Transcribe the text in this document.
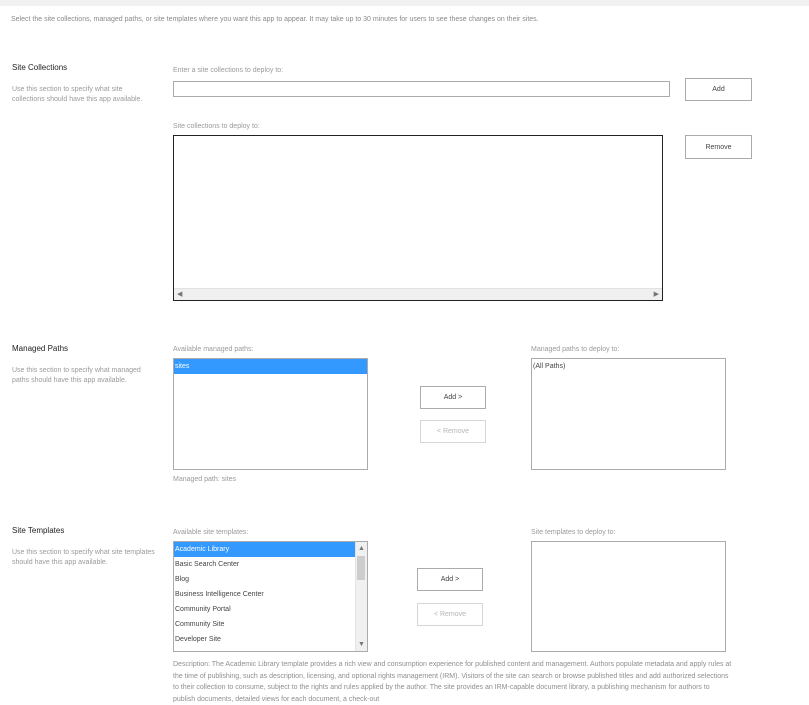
Select the site collections, managed paths, or site templates where you want this app to appear. It may take up to 30 minutes for users to see these changes on their sites.
Site Collections
Use this section to specify what site collections should have this app available.
Enter a site collections to deploy to:
Add
Site collections to deploy to:
◀	▶
Remove
Managed Paths
Use this section to specify what managed paths should have this app available.
Available managed paths:
sites
Add >
< Remove
Managed paths to deploy to:
(All Paths)
Managed path: sites
Site Templates
Use this section to specify what site templates should have this app available.
Available site templates:
Academic Library
Basic Search Center
Blog
Business Intelligence Center
Community Portal
Community Site
Developer Site
▲
▼
Add >
< Remove
Site templates to deploy to:
Description: The Academic Library template provides a rich view and consumption experience for published content and management. Authors populate metadata and apply rules at the time of publishing, such as description, licensing, and optional rights management (IRM). Visitors of the site can search or browse published titles and add authorized selections to their collection to consume, subject to the rights and rules applied by the author. The site provides an IRM-capable document library, a publishing mechanism for authors to publish documents, detailed views for each document, a check-out
